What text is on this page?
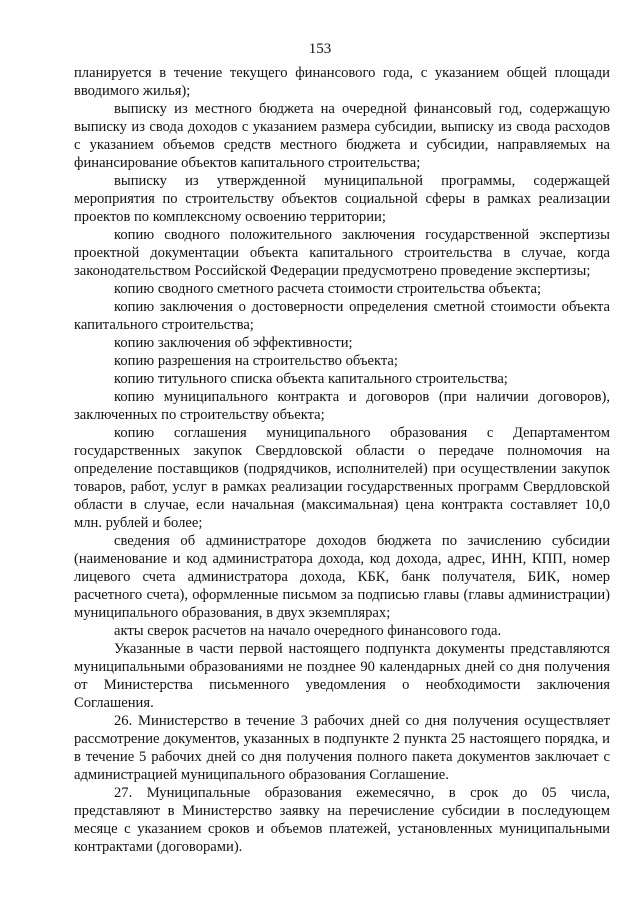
153

планируется в течение текущего финансового года, с указанием общей площади вводимого жилья);

выписку из местного бюджета на очередной финансовый год, содержащую выписку из свода доходов с указанием размера субсидии, выписку из свода расходов с указанием объемов средств местного бюджета и субсидии, направляемых на финансирование объектов капитального строительства;

выписку из утвержденной муниципальной программы, содержащей мероприятия по строительству объектов социальной сферы в рамках реализации проектов по комплексному освоению территории;

копию сводного положительного заключения государственной экспертизы проектной документации объекта капитального строительства в случае, когда законодательством Российской Федерации предусмотрено проведение экспертизы;

копию сводного сметного расчета стоимости строительства объекта;

копию заключения о достоверности определения сметной стоимости объекта капитального строительства;

копию заключения об эффективности;

копию разрешения на строительство объекта;

копию титульного списка объекта капитального строительства;

копию муниципального контракта и договоров (при наличии договоров), заключенных по строительству объекта;

копию соглашения муниципального образования с Департаментом государственных закупок Свердловской области о передаче полномочия на определение поставщиков (подрядчиков, исполнителей) при осуществлении закупок товаров, работ, услуг в рамках реализации государственных программ Свердловской области в случае, если начальная (максимальная) цена контракта составляет 10,0 млн. рублей и более;

сведения об администраторе доходов бюджета по зачислению субсидии (наименование и код администратора дохода, код дохода, адрес, ИНН, КПП, номер лицевого счета администратора дохода, КБК, банк получателя, БИК, номер расчетного счета), оформленные письмом за подписью главы (главы администрации) муниципального образования, в двух экземплярах;

акты сверок расчетов на начало очередного финансового года.

Указанные в части первой настоящего подпункта документы представляются муниципальными образованиями не позднее 90 календарных дней со дня получения от Министерства письменного уведомления о необходимости заключения Соглашения.

26. Министерство в течение 3 рабочих дней со дня получения осуществляет рассмотрение документов, указанных в подпункте 2 пункта 25 настоящего порядка, и в течение 5 рабочих дней со дня получения полного пакета документов заключает с администрацией муниципального образования Соглашение.

27. Муниципальные образования ежемесячно, в срок до 05 числа, представляют в Министерство заявку на перечисление субсидии в последующем месяце с указанием сроков и объемов платежей, установленных муниципальными контрактами (договорами).
